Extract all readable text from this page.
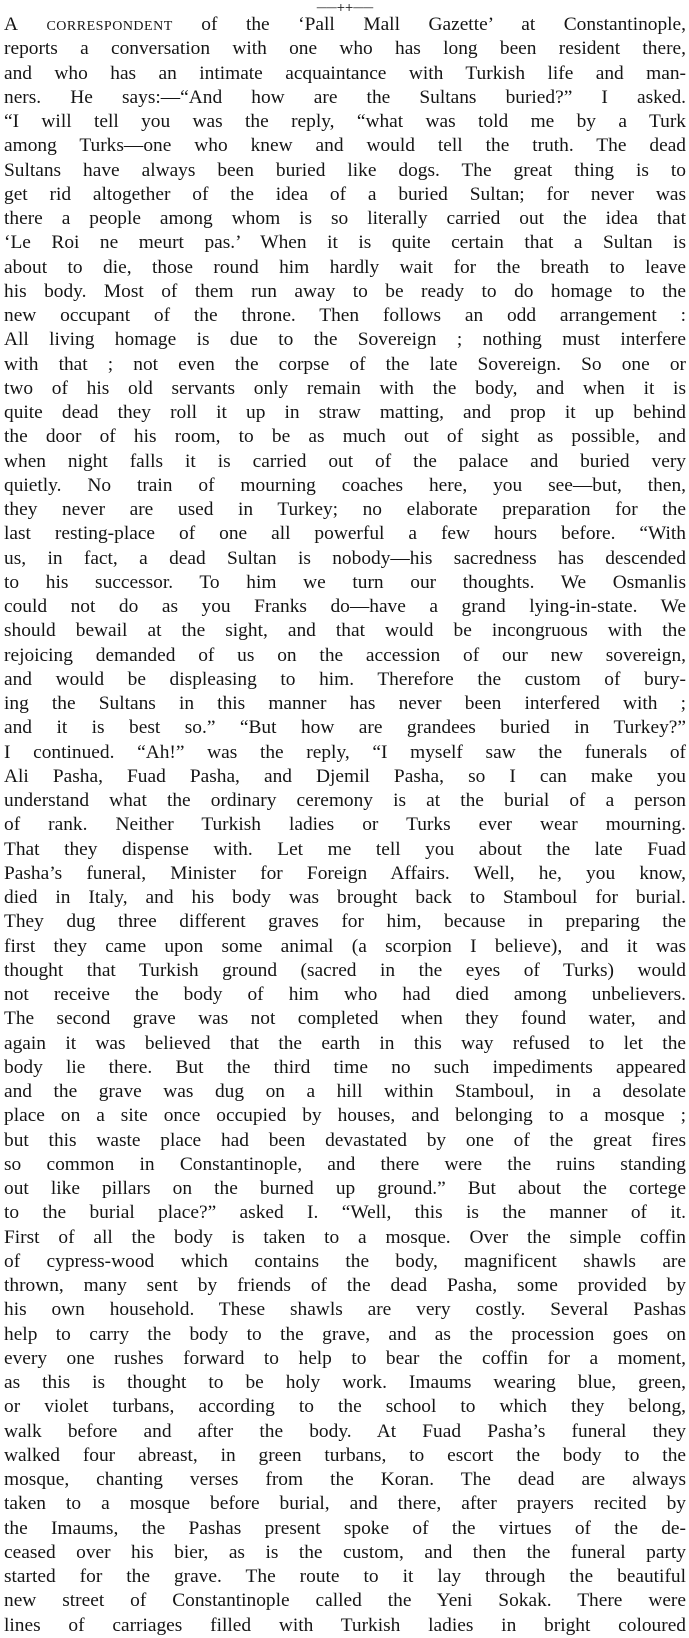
——++——
A correspondent of the ‘Pall Mall Gazette’ at Constantinople,
reports a conversation with one who has long been resident there,
and who has an intimate acquaintance with Turkish life and man-
ners. He says:—“And how are the Sultans buried?” I asked.
“I will tell you was the reply, “what was told me by a Turk
among Turks—one who knew and would tell the truth. The dead
Sultans have always been buried like dogs. The great thing is to
get rid altogether of the idea of a buried Sultan; for never was
there a people among whom is so literally carried out the idea that
‘Le Roi ne meurt pas.’ When it is quite certain that a Sultan is
about to die, those round him hardly wait for the breath to leave
his body. Most of them run away to be ready to do homage to the
new occupant of the throne. Then follows an odd arrangement :
All living homage is due to the Sovereign ; nothing must interfere
with that ; not even the corpse of the late Sovereign. So one or
two of his old servants only remain with the body, and when it is
quite dead they roll it up in straw matting, and prop it up behind
the door of his room, to be as much out of sight as possible, and
when night falls it is carried out of the palace and buried very
quietly. No train of mourning coaches here, you see—but, then,
they never are used in Turkey; no elaborate preparation for the
last resting-place of one all powerful a few hours before. “With
us, in fact, a dead Sultan is nobody—his sacredness has descended
to his successor. To him we turn our thoughts. We Osmanlis
could not do as you Franks do—have a grand lying-in-state. We
should bewail at the sight, and that would be incongruous with the
rejoicing demanded of us on the accession of our new sovereign,
and would be displeasing to him. Therefore the custom of bury-
ing the Sultans in this manner has never been interfered with ;
and it is best so.” “But how are grandees buried in Turkey?”
I continued. “Ah!” was the reply, “I myself saw the funerals of
Ali Pasha, Fuad Pasha, and Djemil Pasha, so I can make you
understand what the ordinary ceremony is at the burial of a person
of rank. Neither Turkish ladies or Turks ever wear mourning.
That they dispense with. Let me tell you about the late Fuad
Pasha’s funeral, Minister for Foreign Affairs. Well, he, you know,
died in Italy, and his body was brought back to Stamboul for burial.
They dug three different graves for him, because in preparing the
first they came upon some animal (a scorpion I believe), and it was
thought that Turkish ground (sacred in the eyes of Turks) would
not receive the body of him who had died among unbelievers.
The second grave was not completed when they found water, and
again it was believed that the earth in this way refused to let the
body lie there. But the third time no such impediments appeared
and the grave was dug on a hill within Stamboul, in a desolate
place on a site once occupied by houses, and belonging to a mosque ;
but this waste place had been devastated by one of the great fires
so common in Constantinople, and there were the ruins standing
out like pillars on the burned up ground.” But about the cortege
to the burial place?” asked I. “Well, this is the manner of it.
First of all the body is taken to a mosque. Over the simple coffin
of cypress-wood which contains the body, magnificent shawls are
thrown, many sent by friends of the dead Pasha, some provided by
his own household. These shawls are very costly. Several Pashas
help to carry the body to the grave, and as the procession goes on
every one rushes forward to help to bear the coffin for a moment,
as this is thought to be holy work. Imaums wearing blue, green,
or violet turbans, according to the school to which they belong,
walk before and after the body. At Fuad Pasha’s funeral they
walked four abreast, in green turbans, to escort the body to the
mosque, chanting verses from the Koran. The dead are always
taken to a mosque before burial, and there, after prayers recited by
the Imaums, the Pashas present spoke of the virtues of the de-
ceased over his bier, as is the custom, and then the funeral party
started for the grave. The route to it lay through the beautiful
new street of Constantinople called the Yeni Sokak. There were
lines of carriages filled with Turkish ladies in bright coloured
